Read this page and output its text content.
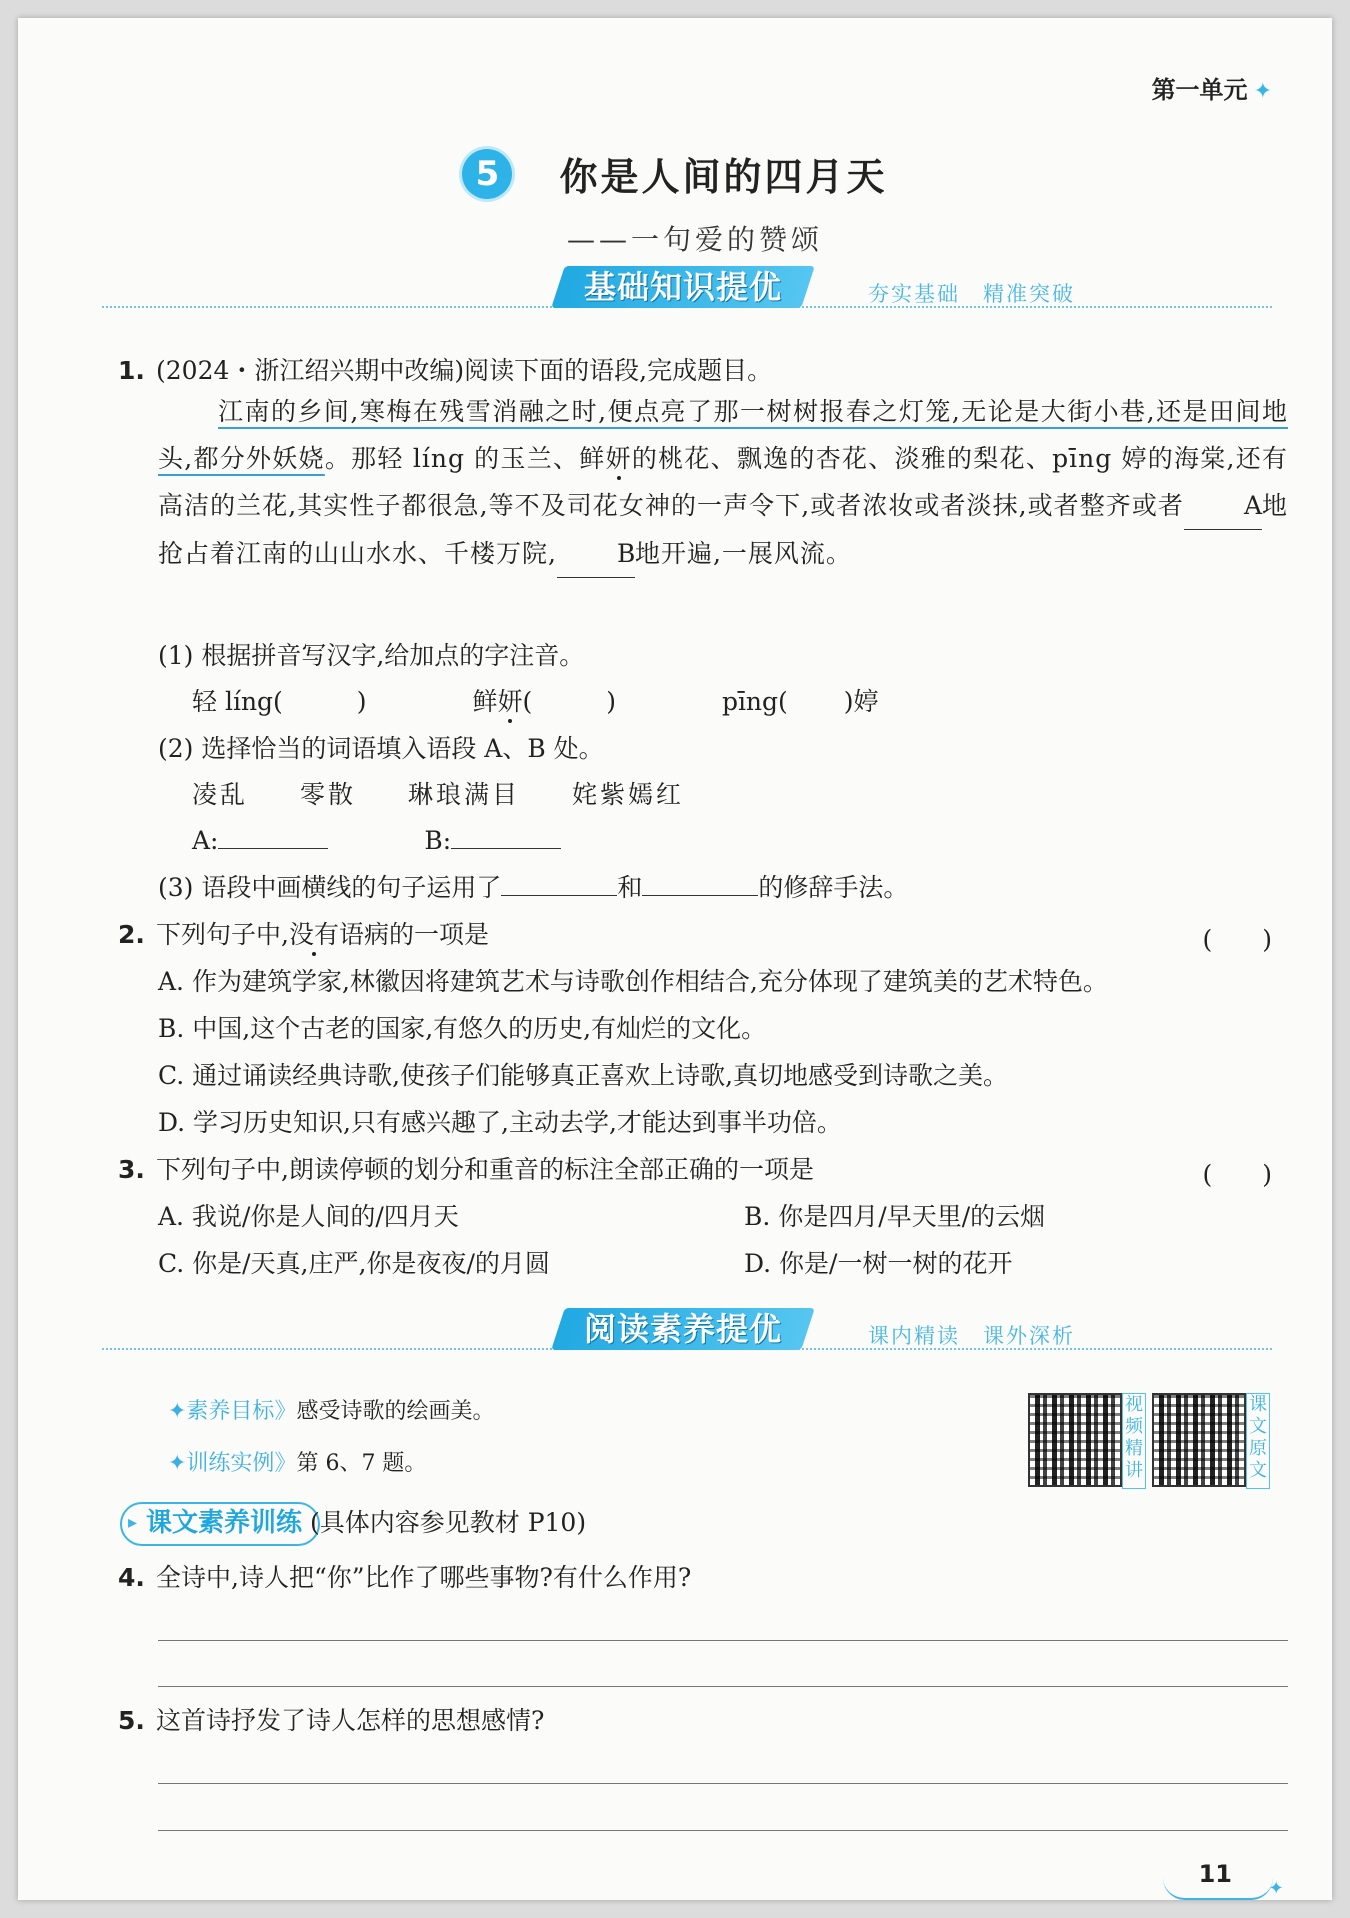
第一单元 ✦
5 你是人间的四月天
——一句爱的赞颂
基础知识提优	夯实基础　精准突破
1. (2024・浙江绍兴期中改编)阅读下面的语段,完成题目。
江南的乡间,寒梅在残雪消融之时,便点亮了那一树树报春之灯笼,无论是大街小巷,还是田间地头,都分外妖娆。那轻 líng 的玉兰、鲜妍的桃花、飘逸的杏花、淡雅的梨花、pīng 婷的海棠,还有高洁的兰花,其实性子都很急,等不及司花女神的一声令下,或者浓妆或者淡抹,或者整齐或者 A地抢占着江南的山山水水、千楼万院, B地开遍,一展风流。
(1) 根据拼音写汉字,给加点的字注音。
轻 líng(	)	鲜妍(	)	pīng( )婷
(2) 选择恰当的词语填入语段 A、B 处。
凌乱 零散 琳琅满目 姹紫嫣红
A:	B:
(3) 语段中画横线的句子运用了	和	的修辞手法。
2. 下列句子中,没有语病的一项是	(　　)
A. 作为建筑学家,林徽因将建筑艺术与诗歌创作相结合,充分体现了建筑美的艺术特色。
B. 中国,这个古老的国家,有悠久的历史,有灿烂的文化。
C. 通过诵读经典诗歌,使孩子们能够真正喜欢上诗歌,真切地感受到诗歌之美。
D. 学习历史知识,只有感兴趣了,主动去学,才能达到事半功倍。
3. 下列句子中,朗读停顿的划分和重音的标注全部正确的一项是	(　　)
A. 我说/你是人间的/四月天	B. 你是四月/早天里/的云烟
C. 你是/天真,庄严,你是夜夜/的月圆	D. 你是/一树一树的花开
阅读素养提优	课内精读　课外深析
✦素养目标》感受诗歌的绘画美。
✦训练实例》第 6、7 题。
视频精讲
课文原文
▸ 课文素养训练 (具体内容参见教材 P10)
4. 全诗中,诗人把“你”比作了哪些事物?有什么作用?
5. 这首诗抒发了诗人怎样的思想感情?
11
✦
